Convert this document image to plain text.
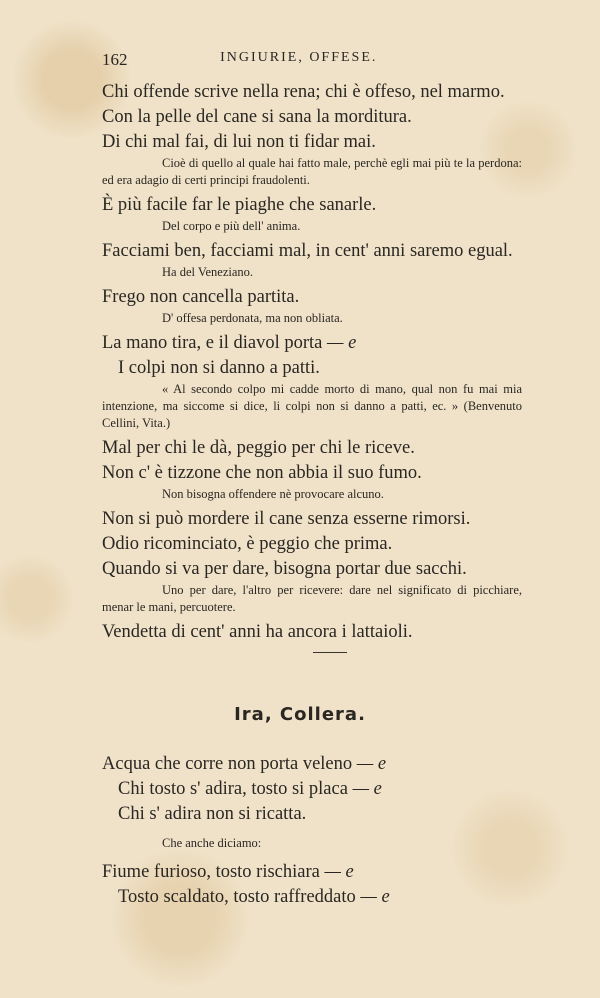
162	INGIURIE, OFFESE.

Chi offende scrive nella rena; chi è offeso, nel marmo.

Con la pelle del cane si sana la morditura.

Di chi mal fai, di lui non ti fidar mai.

Cioè di quello al quale hai fatto male, perchè egli mai più te la perdona: ed era adagio di certi principi fraudolenti.

È più facile far le piaghe che sanarle.

Del corpo e più dell' anima.

Facciami ben, facciami mal, in cent' anni saremo egual.

Ha del Veneziano.

Frego non cancella partita.

D' offesa perdonata, ma non obliata.

La mano tira, e il diavol porta — e

I colpi non si danno a patti.

« Al secondo colpo mi cadde morto di mano, qual non fu mai mia intenzione, ma siccome si dice, li colpi non si danno a patti, ec. » (Benvenuto Cellini, Vita.)

Mal per chi le dà, peggio per chi le riceve.

Non c' è tizzone che non abbia il suo fumo.

Non bisogna offendere nè provocare alcuno.

Non si può mordere il cane senza esserne rimorsi.

Odio ricominciato, è peggio che prima.

Quando si va per dare, bisogna portar due sacchi.

Uno per dare, l'altro per ricevere: dare nel significato di picchiare, menar le mani, percuotere.

Vendetta di cent' anni ha ancora i lattaioli.

Ira, Collera.

Acqua che corre non porta veleno — e

Chi tosto s' adira, tosto si placa — e

Chi s' adira non si ricatta.

Che anche diciamo:

Fiume furioso, tosto rischiara — e

Tosto scaldato, tosto raffreddato — e
